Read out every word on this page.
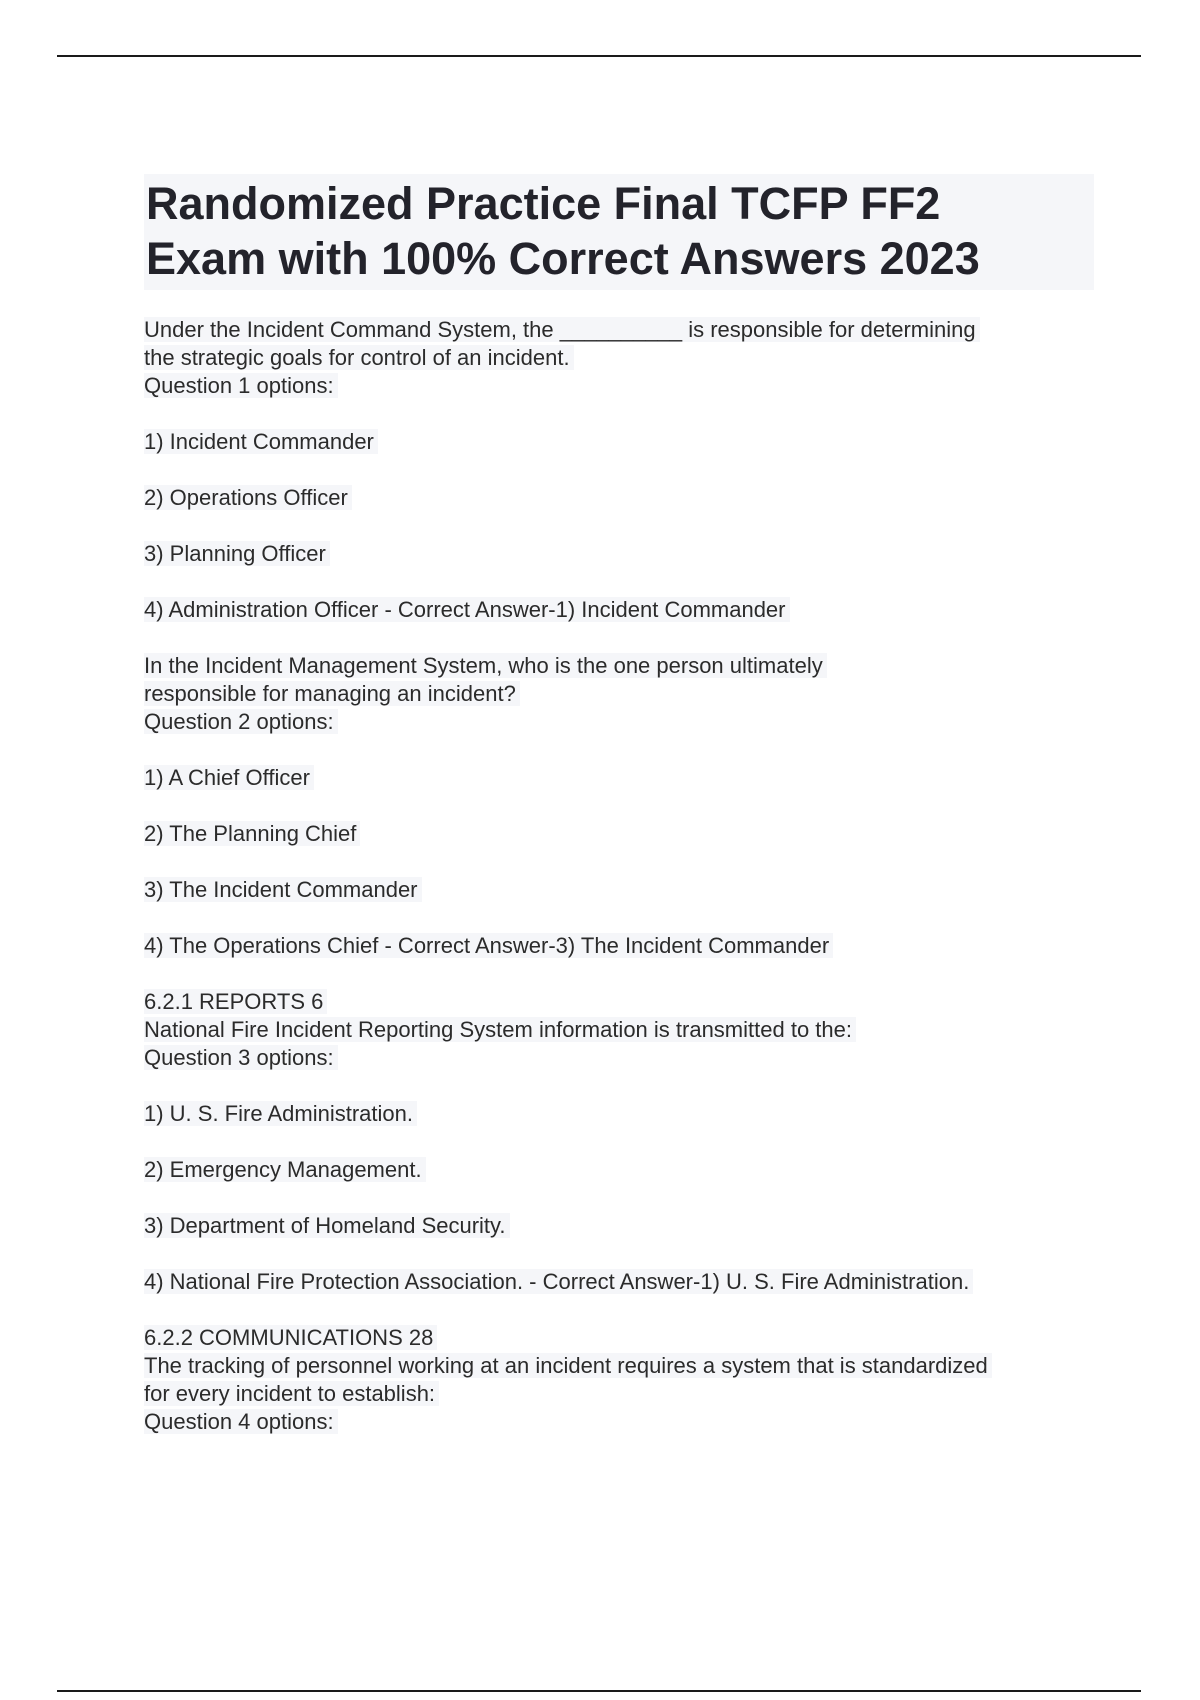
Randomized Practice Final TCFP FF2
Exam with 100% Correct Answers 2023
Under the Incident Command System, the __________ is responsible for determining
the strategic goals for control of an incident.
Question 1 options:
1) Incident Commander
2) Operations Officer
3) Planning Officer
4) Administration Officer - Correct Answer-1) Incident Commander
In the Incident Management System, who is the one person ultimately
responsible for managing an incident?
Question 2 options:
1) A Chief Officer
2) The Planning Chief
3) The Incident Commander
4) The Operations Chief - Correct Answer-3) The Incident Commander
6.2.1 REPORTS 6
National Fire Incident Reporting System information is transmitted to the:
Question 3 options:
1) U. S. Fire Administration.
2) Emergency Management.
3) Department of Homeland Security.
4) National Fire Protection Association. - Correct Answer-1) U. S. Fire Administration.
6.2.2 COMMUNICATIONS 28
The tracking of personnel working at an incident requires a system that is standardized
for every incident to establish:
Question 4 options:
